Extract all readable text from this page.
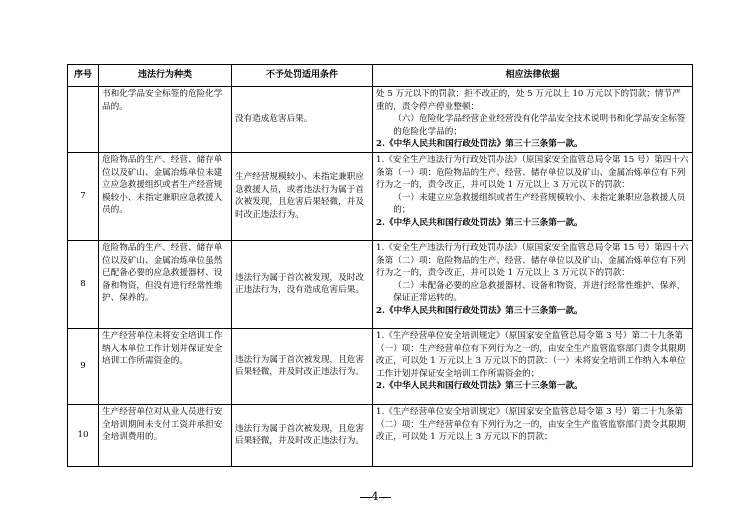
序号	违法行为种类	不予处罚适用条件	相应法律依据
	书和化学品安全标签的危险化学品的。	没有造成危害后果。	处 5 万元以下的罚款；拒不改正的，处 5 万元以上 10 万元以下的罚款；情节严重的，责令停产停业整顿：

（六）危险化学品经营企业经营没有化学品安全技术说明书和化学品安全标签的危险化学品的；

2.《中华人民共和国行政处罚法》第三十三条第一款。

7	危险物品的生产、经营、储存单位以及矿山、金属冶炼单位未建立应急救援组织或者生产经营规模较小、未指定兼职应急救援人员的。	生产经营规模较小、未指定兼职应急救援人员，或者违法行为属于首次被发现，且危害后果轻微，并及时改正违法行为。	1.《安全生产违法行为行政处罚办法》（原国家安全监管总局令第 15 号）第四十六条第（一）项：危险物品的生产、经营、储存单位以及矿山、金属冶炼单位有下列行为之一的，责令改正，并可以处 1 万元以上 3 万元以下的罚款：

（一）未建立应急救援组织或者生产经营规模较小、未指定兼职应急救援人员的；

2.《中华人民共和国行政处罚法》第三十三条第一款。

8	危险物品的生产、经营、储存单位以及矿山、金属冶炼单位虽然已配备必要的应急救援器材、设备和物资，但没有进行经常性维护、保养的。	违法行为属于首次被发现，及时改正违法行为，没有造成危害后果。	1.《安全生产违法行为行政处罚办法》（原国家安全监管总局令第 15 号）第四十六条第（二）项：危险物品的生产、经营、储存单位以及矿山、金属冶炼单位有下列行为之一的，责令改正，并可以处 1 万元以上 3 万元以下的罚款：

（二）未配备必要的应急救援器材、设备和物资，并进行经常性维护、保养，保证正常运转的。

2.《中华人民共和国行政处罚法》第三十三条第一款。

9	生产经营单位未将安全培训工作纳入本单位工作计划并保证安全培训工作所需资金的。	违法行为属于首次被发现，且危害后果轻微，并及时改正违法行为。	1.《生产经营单位安全培训规定》（原国家安全监管总局令第 3 号）第二十九条第（一）项：生产经营单位有下列行为之一的，由安全生产监管监察部门责令其限期改正，可以处 1 万元以上 3 万元以下的罚款：（一）未将安全培训工作纳入本单位工作计划并保证安全培训工作所需资金的；

2.《中华人民共和国行政处罚法》第三十三条第一款。

10	生产经营单位对从业人员进行安全培训期间未支付工资并承担安全培训费用的。	违法行为属于首次被发现，且危害后果轻微，并及时改正违法行为。	1.《生产经营单位安全培训规定》（原国家安全监管总局令第 3 号）第二十九条第（二）项：生产经营单位有下列行为之一的，由安全生产监管监察部门责令其限期改正，可以处 1 万元以上 3 万元以下的罚款；

4
